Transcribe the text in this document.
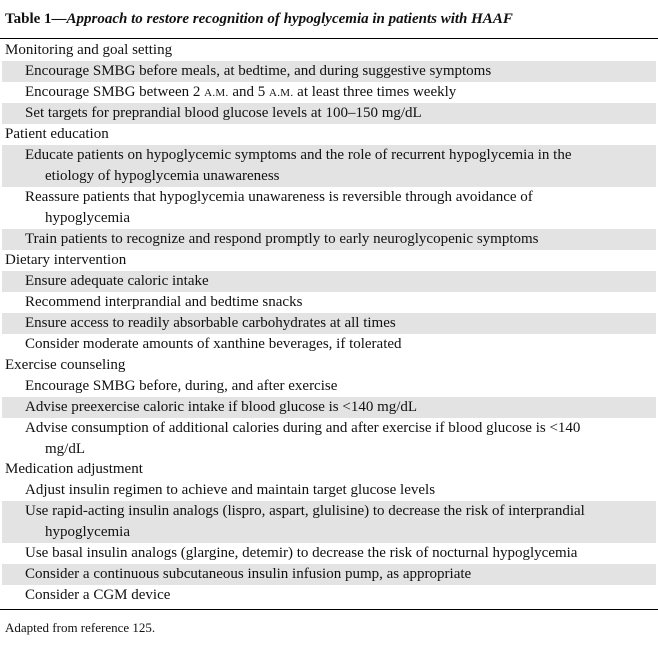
Table 1—Approach to restore recognition of hypoglycemia in patients with HAAF
Monitoring and goal setting
Encourage SMBG before meals, at bedtime, and during suggestive symptoms
Encourage SMBG between 2 A.M. and 5 A.M. at least three times weekly
Set targets for preprandial blood glucose levels at 100–150 mg/dL
Patient education
Educate patients on hypoglycemic symptoms and the role of recurrent hypoglycemia in the
etiology of hypoglycemia unawareness
Reassure patients that hypoglycemia unawareness is reversible through avoidance of
hypoglycemia
Train patients to recognize and respond promptly to early neuroglycopenic symptoms
Dietary intervention
Ensure adequate caloric intake
Recommend interprandial and bedtime snacks
Ensure access to readily absorbable carbohydrates at all times
Consider moderate amounts of xanthine beverages, if tolerated
Exercise counseling
Encourage SMBG before, during, and after exercise
Advise preexercise caloric intake if blood glucose is <140 mg/dL
Advise consumption of additional calories during and after exercise if blood glucose is <140
mg/dL
Medication adjustment
Adjust insulin regimen to achieve and maintain target glucose levels
Use rapid-acting insulin analogs (lispro, aspart, glulisine) to decrease the risk of interprandial
hypoglycemia
Use basal insulin analogs (glargine, detemir) to decrease the risk of nocturnal hypoglycemia
Consider a continuous subcutaneous insulin infusion pump, as appropriate
Consider a CGM device
Adapted from reference 125.
